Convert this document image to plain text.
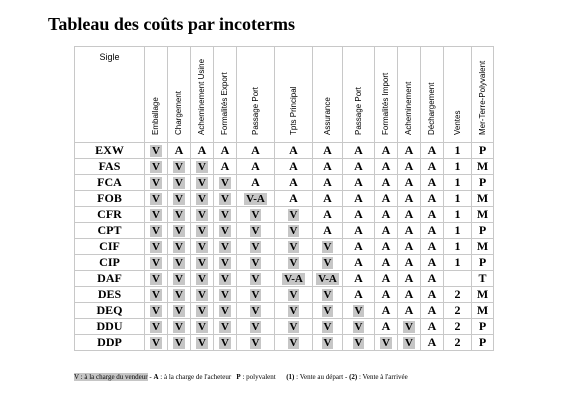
Tableau des coûts par incoterms
Sigle	Emballage	Chargement	Acheminement Usine	Formalités Export	Passage Port	Tpts Principal	Assurance	Passage Port	Formalités Import	Acheminement	Déchargement	Ventes	Mer-Terre-Polyvalent

EXW	V	A	A	A	A	A	A	A	A	A	A	1	P
FAS	V	V	V	A	A	A	A	A	A	A	A	1	M
FCA	V	V	V	V	A	A	A	A	A	A	A	1	P
FOB	V	V	V	V	V-A	A	A	A	A	A	A	1	M
CFR	V	V	V	V	V	V	A	A	A	A	A	1	M
CPT	V	V	V	V	V	V	A	A	A	A	A	1	P
CIF	V	V	V	V	V	V	V	A	A	A	A	1	M
CIP	V	V	V	V	V	V	V	A	A	A	A	1	P
DAF	V	V	V	V	V	V-A	V-A	A	A	A	A		T
DES	V	V	V	V	V	V	V	A	A	A	A	2	M
DEQ	V	V	V	V	V	V	V	V	A	A	A	2	M
DDU	V	V	V	V	V	V	V	V	A	V	A	2	P
DDP	V	V	V	V	V	V	V	V	V	V	A	2	P
V : à la charge du vendeur - A : à la charge de l'acheteur P : polyvalent (1) : Vente au départ - (2) : Vente à l'arrivée
